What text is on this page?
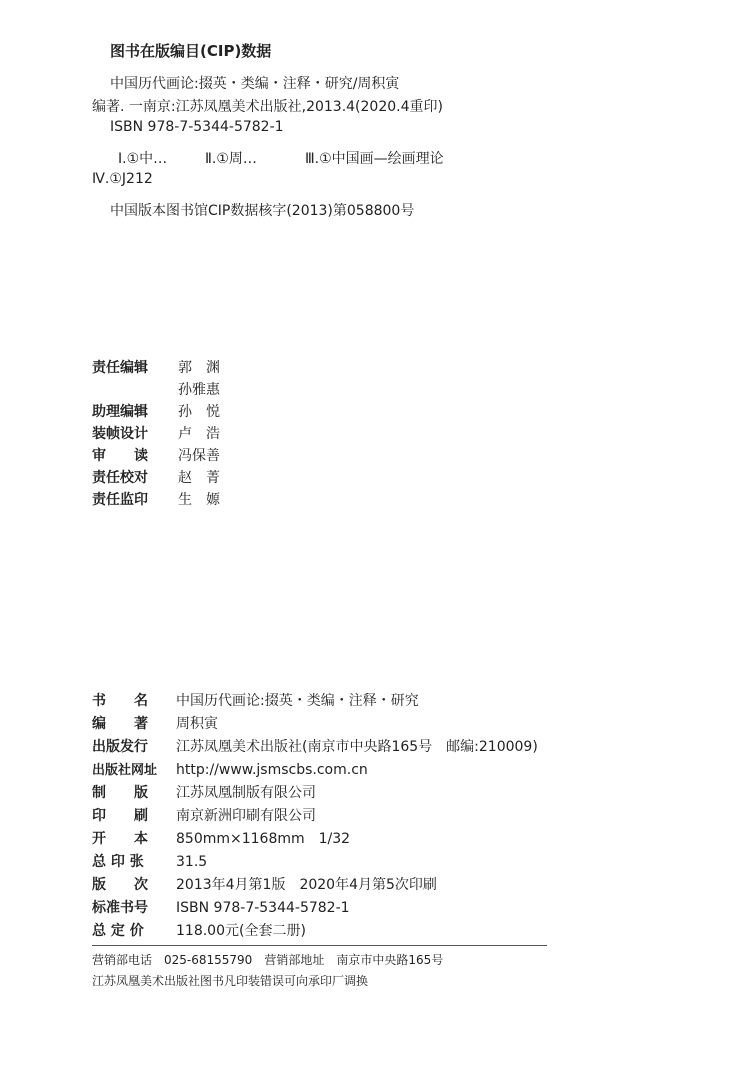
图书在版编目(CIP)数据
中国历代画论:掇英・类编・注释・研究/周积寅
编著. 一南京:江苏凤凰美术出版社,2013.4(2020.4重印)
ISBN 978-7-5344-5782-1
Ⅰ.①中…	Ⅱ.①周…	Ⅲ.①中国画—绘画理论
Ⅳ.①J212
中国版本图书馆CIP数据核字(2013)第058800号
责任编辑 郭　渊
孙雅惠
助理编辑 孙　悦
装帧设计 卢　浩
审　　读 冯保善
责任校对 赵　菁
责任监印 生　嫄
书　　名 中国历代画论:掇英・类编・注释・研究
编　　著 周积寅
出版发行 江苏凤凰美术出版社(南京市中央路165号　邮编:210009)
出版社网址 http://www.jsmscbs.com.cn
制　　版 江苏凤凰制版有限公司
印　　刷 南京新洲印刷有限公司
开　　本 850mm×1168mm　1/32
总 印 张 31.5
版　　次 2013年4月第1版　2020年4月第5次印刷
标准书号 ISBN 978-7-5344-5782-1
总 定 价 118.00元(全套二册)
营销部电话　025-68155790　营销部地址　南京市中央路165号
江苏凤凰美术出版社图书凡印装错误可向承印厂调换
